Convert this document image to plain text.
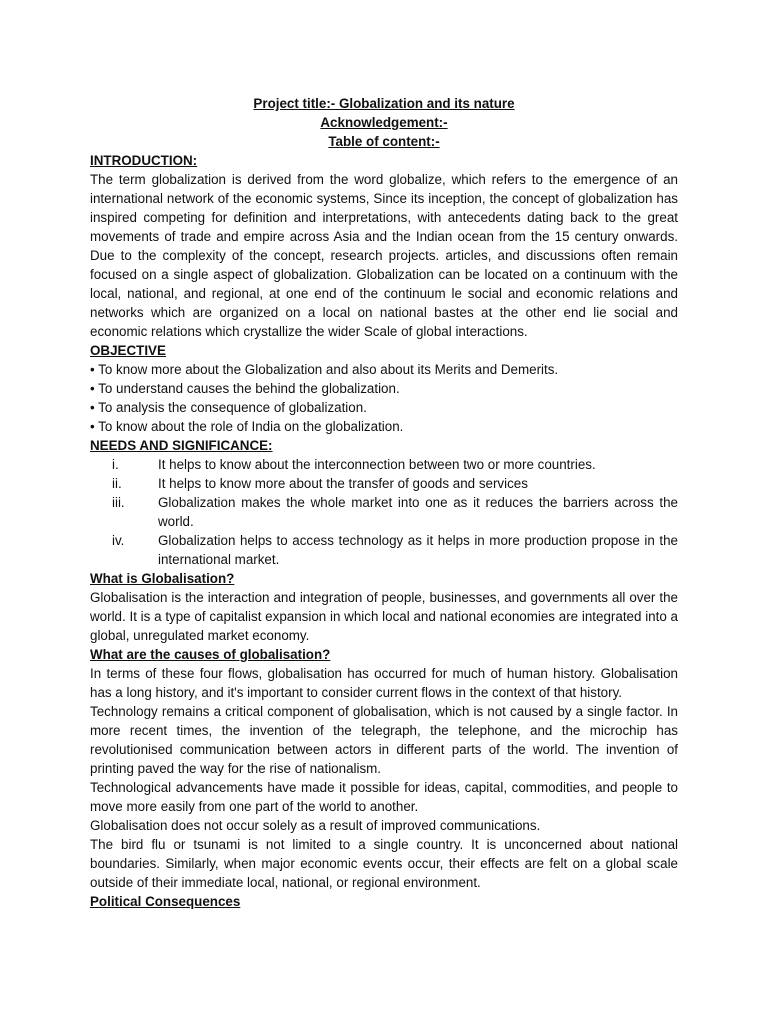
Project title:- Globalization and its nature
Acknowledgement:-
Table of content:-
INTRODUCTION:

The term globalization is derived from the word globalize, which refers to the emergence of an international network of the economic systems, Since its inception, the concept of globalization has inspired competing for definition and interpretations, with antecedents dating back to the great movements of trade and empire across Asia and the Indian ocean from the 15 century onwards. Due to the complexity of the concept, research projects. articles, and discussions often remain focused on a single aspect of globalization. Globalization can be located on a continuum with the local, national, and regional, at one end of the continuum le social and economic relations and networks which are organized on a local on national bastes at the other end lie social and economic relations which crystallize the wider Scale of global interactions.

OBJECTIVE

• To know more about the Globalization and also about its Merits and Demerits.

• To understand causes the behind the globalization.

• To analysis the consequence of globalization.

• To know about the role of India on the globalization.

NEEDS AND SIGNIFICANCE:
i.	It helps to know about the interconnection between two or more countries.
ii.	It helps to know more about the transfer of goods and services
iii.	Globalization makes the whole market into one as it reduces the barriers across the world.
iv.	Globalization helps to access technology as it helps in more production propose in the international market.
What is Globalisation?

Globalisation is the interaction and integration of people, businesses, and governments all over the world. It is a type of capitalist expansion in which local and national economies are integrated into a global, unregulated market economy.

What are the causes of globalisation?

In terms of these four flows, globalisation has occurred for much of human history. Globalisation has a long history, and it's important to consider current flows in the context of that history.

Technology remains a critical component of globalisation, which is not caused by a single factor. In more recent times, the invention of the telegraph, the telephone, and the microchip has revolutionised communication between actors in different parts of the world. The invention of printing paved the way for the rise of nationalism.

Technological advancements have made it possible for ideas, capital, commodities, and people to move more easily from one part of the world to another.

Globalisation does not occur solely as a result of improved communications.

The bird flu or tsunami is not limited to a single country. It is unconcerned about national boundaries. Similarly, when major economic events occur, their effects are felt on a global scale outside of their immediate local, national, or regional environment.

Political Consequences
